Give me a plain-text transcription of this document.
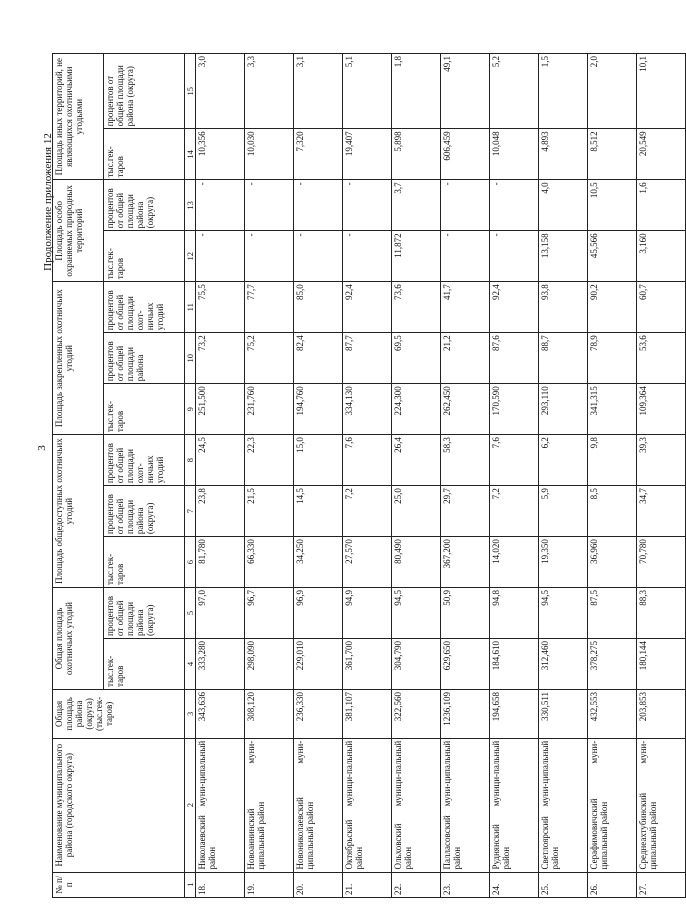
3
Продолжение приложения 12
№ п/п	Наименование муниципального района (городского округа)	Общая площадь района (округа) (тыс.гек-таров)	Общая площадь охотничьих угодий		Площадь общедоступных охотничьих угодий			Площадь закрепленных охотничьих угодий			Площадь особо охраняемых природных территорий		Площадь иных территорий, не являющихся охотничьими угодьями	
			тыс.гек-таров	процентов от общей площади района (округа)	тыс.гек-таров	процентов от общей площади района (округа)	процентов от общей площади охот-ничьих угодий	тыс.гек-таров	процентов от общей площади района	процентов от общей площади охот-ничьих угодий	тыс.гек-таров	процентов от общей площади района (округа)	тыс.гек-таров	процентов от общей площади района (округа)
1	2	3	4	5	6	7	8	9	10	11	12	13	14	15
18.	Николаевский муни-ципальный район	343,636	333,280	97,0	81,780	23,8	24,5	251,500	73,2	75,5	-	-	10,356	3,0
19.	Новоаннинский муни-ципальный район	308,120	298,090	96,7	66,330	21,5	22,3	231,760	75,2	77,7	-	-	10,030	3,3
20.	Новониколаевский муни-ципальный район	236,330	229,010	96,9	34,250	14,5	15,0	194,760	82,4	85,0	-	-	7,320	3,1
21.	Октябрьский муници-пальный район	381,107	361,700	94,9	27,570	7,2	7,6	334,130	87,7	92,4	-	-	19,407	5,1
22.	Ольховский муници-пальный район	322,560	304,790	94,5	80,490	25,0	26,4	224,300	69,5	73,6	11,872	3,7	5,898	1,8
23.	Палласовский муни-ципальный район	1236,109	629,650	50,9	367,200	29,7	58,3	262,450	21,2	41,7	-	-	606,459	49,1
24.	Руднянский муници-пальный район	194,658	184,610	94,8	14,020	7,2	7,6	170,590	87,6	92,4	-	-	10,048	5,2
25.	Светлоярский муни-ципальный район	330,511	312,460	94,5	19,350	5,9	6,2	293,110	88,7	93,8	13,158	4,0	4,893	1,5
26.	Серафимовичский муни-ципальный район	432,553	378,275	87,5	36,960	8,5	9,8	341,315	78,9	90,2	45,566	10,5	8,512	2,0
27.	Среднеахтубинский муни-ципальный район	203,853	180,144	88,3	70,780	34,7	39,3	109,364	53,6	60,7	3,160	1,6	20,549	10,1
